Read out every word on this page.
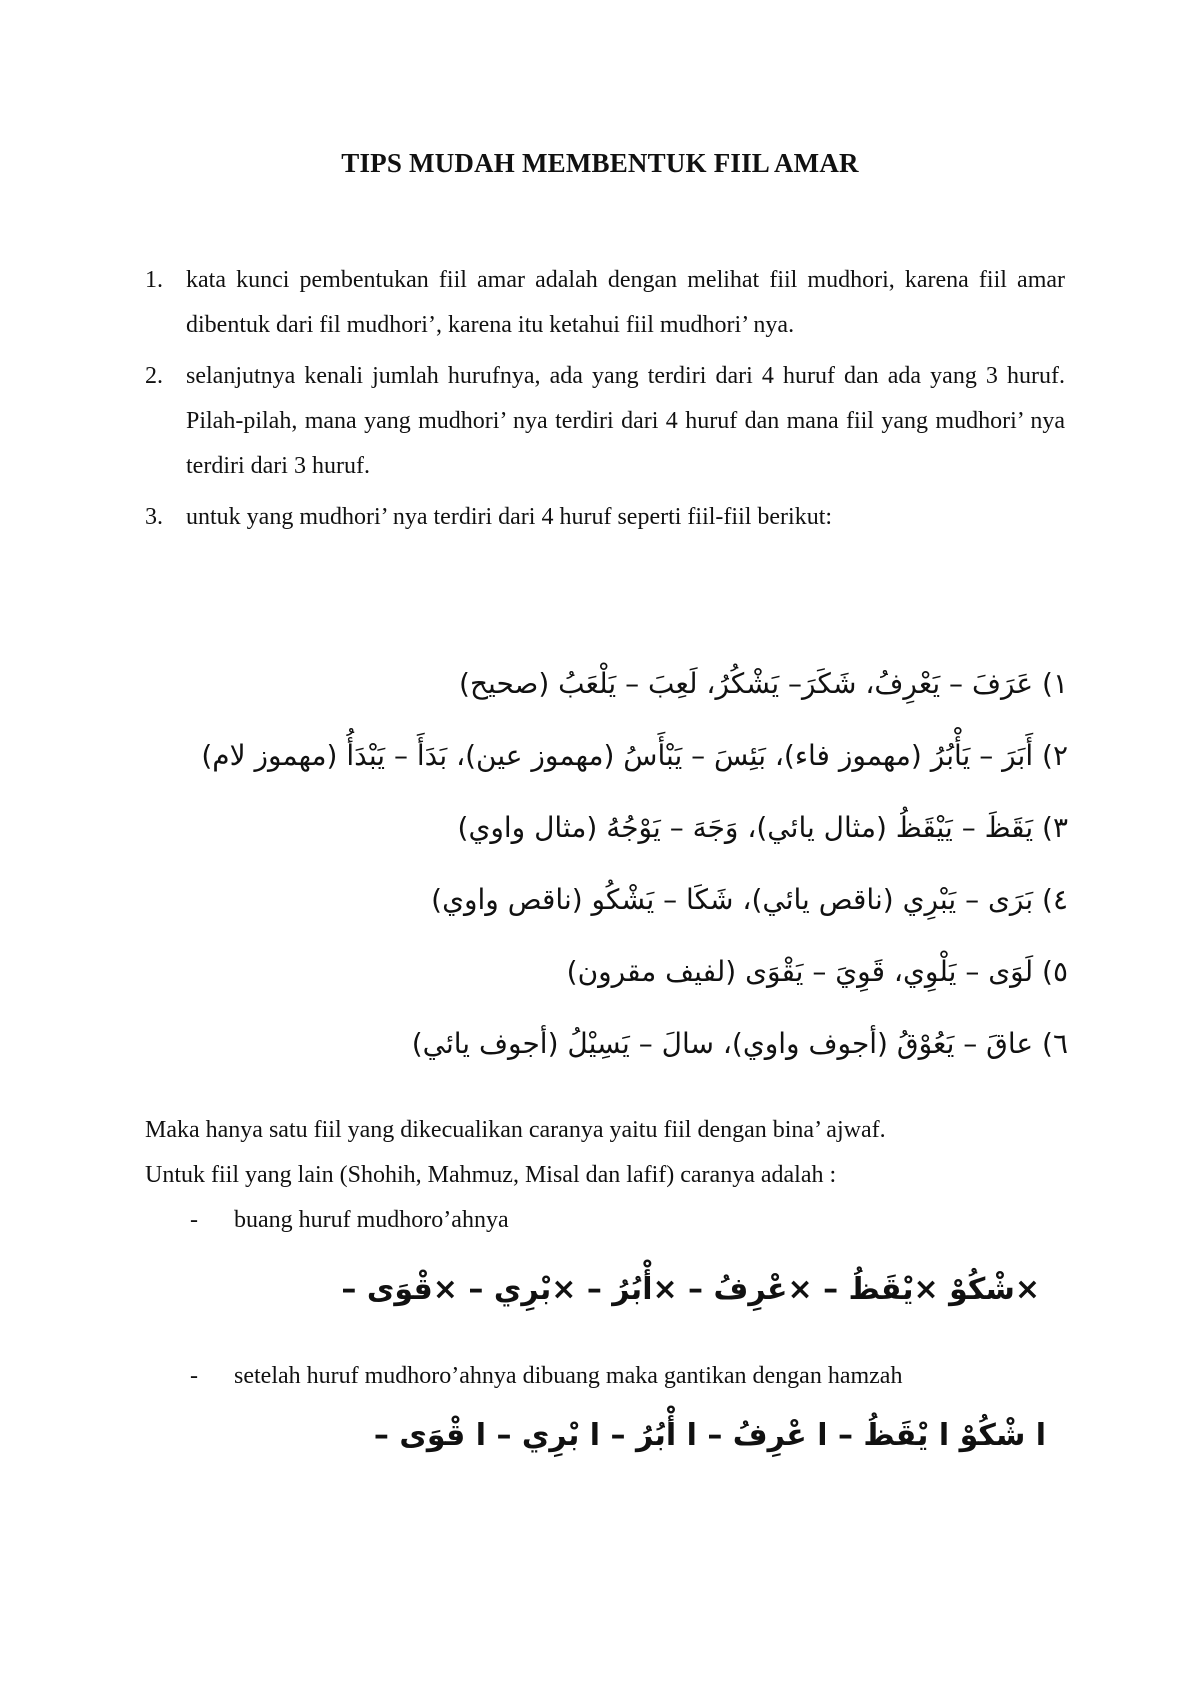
TIPS MUDAH MEMBENTUK FIIL AMAR
1. kata kunci pembentukan fiil amar adalah dengan melihat fiil mudhori, karena fiil amar dibentuk dari fil mudhori’, karena itu ketahui fiil mudhori’ nya.
2. selanjutnya kenali jumlah hurufnya, ada yang terdiri dari 4 huruf dan ada yang 3 huruf. Pilah-pilah, mana yang mudhori’ nya terdiri dari 4 huruf dan mana fiil yang mudhori’ nya terdiri dari 3 huruf.
3. untuk yang mudhori’ nya terdiri dari 4 huruf seperti fiil-fiil berikut:
١) عَرَفَ – يَعْرِفُ، شَكَرَ– يَشْكُرُ، لَعِبَ – يَلْعَبُ (صحيح)
٢) أَبَرَ – يَأْبُرُ (مهموز فاء)، بَئِسَ – يَبْأَسُ (مهموز عين)، بَدَأَ – يَبْدَأُ (مهموز لام)
٣) يَقَظَ – يَيْقَظُ (مثال يائي)، وَجَهَ – يَوْجُهُ (مثال واوي)
٤) بَرَى – يَبْرِي (ناقص يائي)، شَكَا – يَشْكُو (ناقص واوي)
٥) لَوَى – يَلْوِي، قَوِيَ – يَقْوَى (لفيف مقرون)
٦) عاقَ – يَعُوْقُ (أجوف واوي)، سالَ – يَسِيْلُ (أجوف يائي)

Maka hanya satu fiil yang dikecualikan caranya yaitu fiil dengan bina’ ajwaf.

Untuk fiil yang lain (Shohih, Mahmuz, Misal dan lafif) caranya adalah :

- buang huruf mudhoro’ahnya
×شْكُوْ ×يْقَظُ – ×عْرِفُ – ×أْبُرُ – ×بْرِي – ×قْوَى –
- setelah huruf mudhoro’ahnya dibuang maka gantikan dengan hamzah
ا شْكُوْ ا يْقَظُ – ا عْرِفُ – ا أْبُرُ – ا بْرِي – ا قْوَى –
